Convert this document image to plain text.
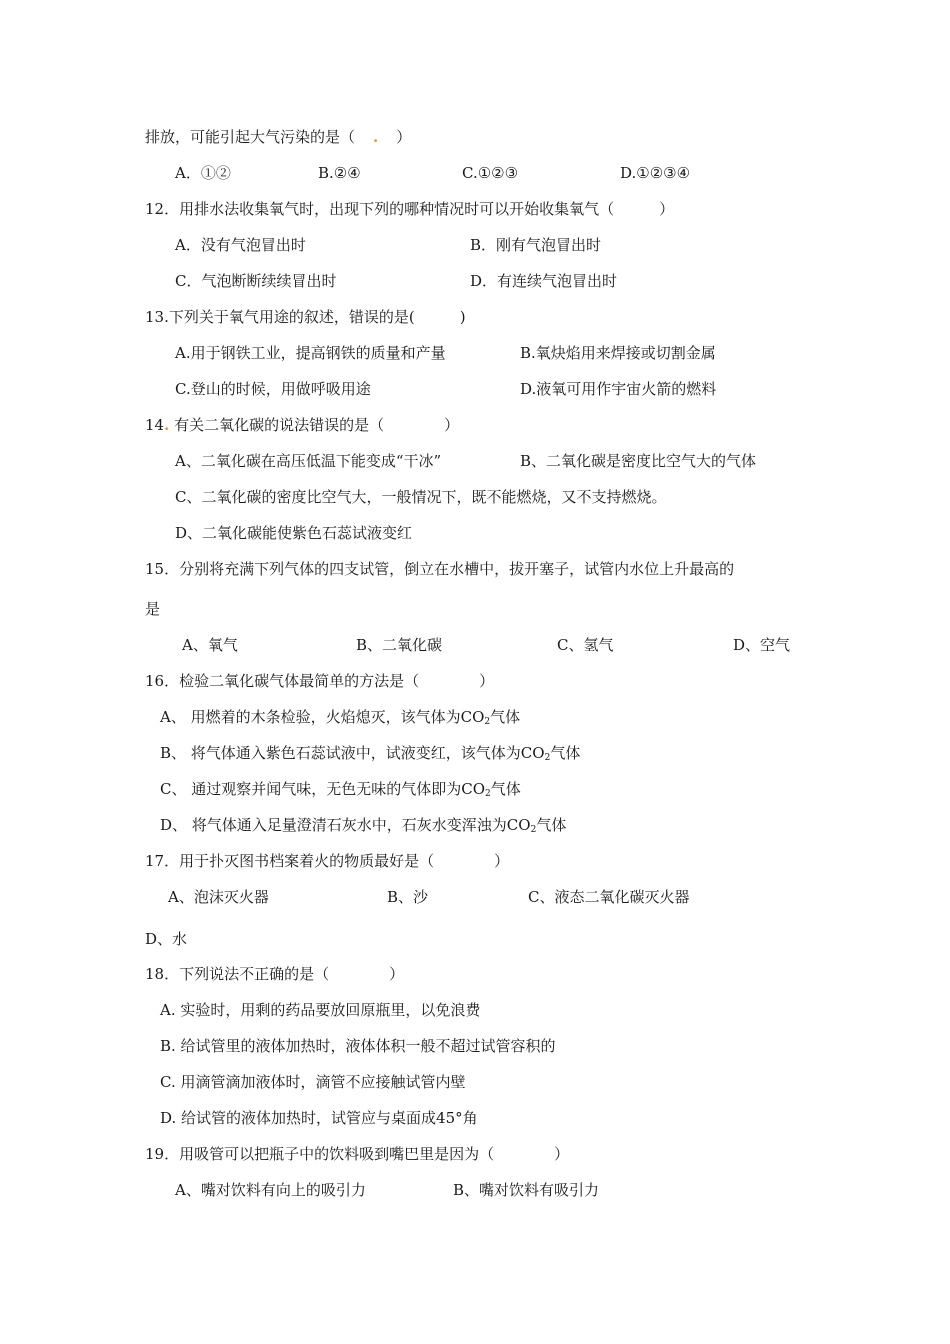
排放，可能引起大气污染的是（ . ）
A．①②	B.②④	C.①②③	D.①②③④
12．用排水法收集氧气时，出现下列的哪种情况时可以开始收集氧气（　　　）
A．没有气泡冒出时	B．刚有气泡冒出时
C．气泡断断续续冒出时	D．有连续气泡冒出时
13.下列关于氧气用途的叙述，错误的是(　　　)
A.用于钢铁工业，提高钢铁的质量和产量	B.氧炔焰用来焊接或切割金属
C.登山的时候，用做呼吸用途	D.液氧可用作宇宙火箭的燃料
14. 有关二氧化碳的说法错误的是（　　　　）
A、二氧化碳在高压低温下能变成“干冰”	B、二氧化碳是密度比空气大的气体
C、二氧化碳的密度比空气大，一般情况下，既不能燃烧，又不支持燃烧。
D、二氧化碳能使紫色石蕊试液变红
15．分别将充满下列气体的四支试管，倒立在水槽中，拔开塞子，试管内水位上升最高的
是
A、氧气	B、二氧化碳	C、氢气	D、空气
16．检验二氧化碳气体最简单的方法是（　　　　）
A、 用燃着的木条检验，火焰熄灭，该气体为$CO_2$气体
B、 将气体通入紫色石蕊试液中，试液变红，该气体为$CO_2$气体
C、 通过观察并闻气味，无色无味的气体即为$CO_2$气体
D、 将气体通入足量澄清石灰水中，石灰水变浑浊为$CO_2$气体
17．用于扑灭图书档案着火的物质最好是（　　　　）
A、泡沫灭火器	B、沙	C、液态二氧化碳灭火器
D、水
18．下列说法不正确的是（　　　　）
A. 实验时，用剩的药品要放回原瓶里，以免浪费
B. 给试管里的液体加热时，液体体积一般不超过试管容积的
C. 用滴管滴加液体时，滴管不应接触试管内壁
D. 给试管的液体加热时，试管应与桌面成45°角
19．用吸管可以把瓶子中的饮料吸到嘴巴里是因为（　　　　）
A、嘴对饮料有向上的吸引力	B、嘴对饮料有吸引力
